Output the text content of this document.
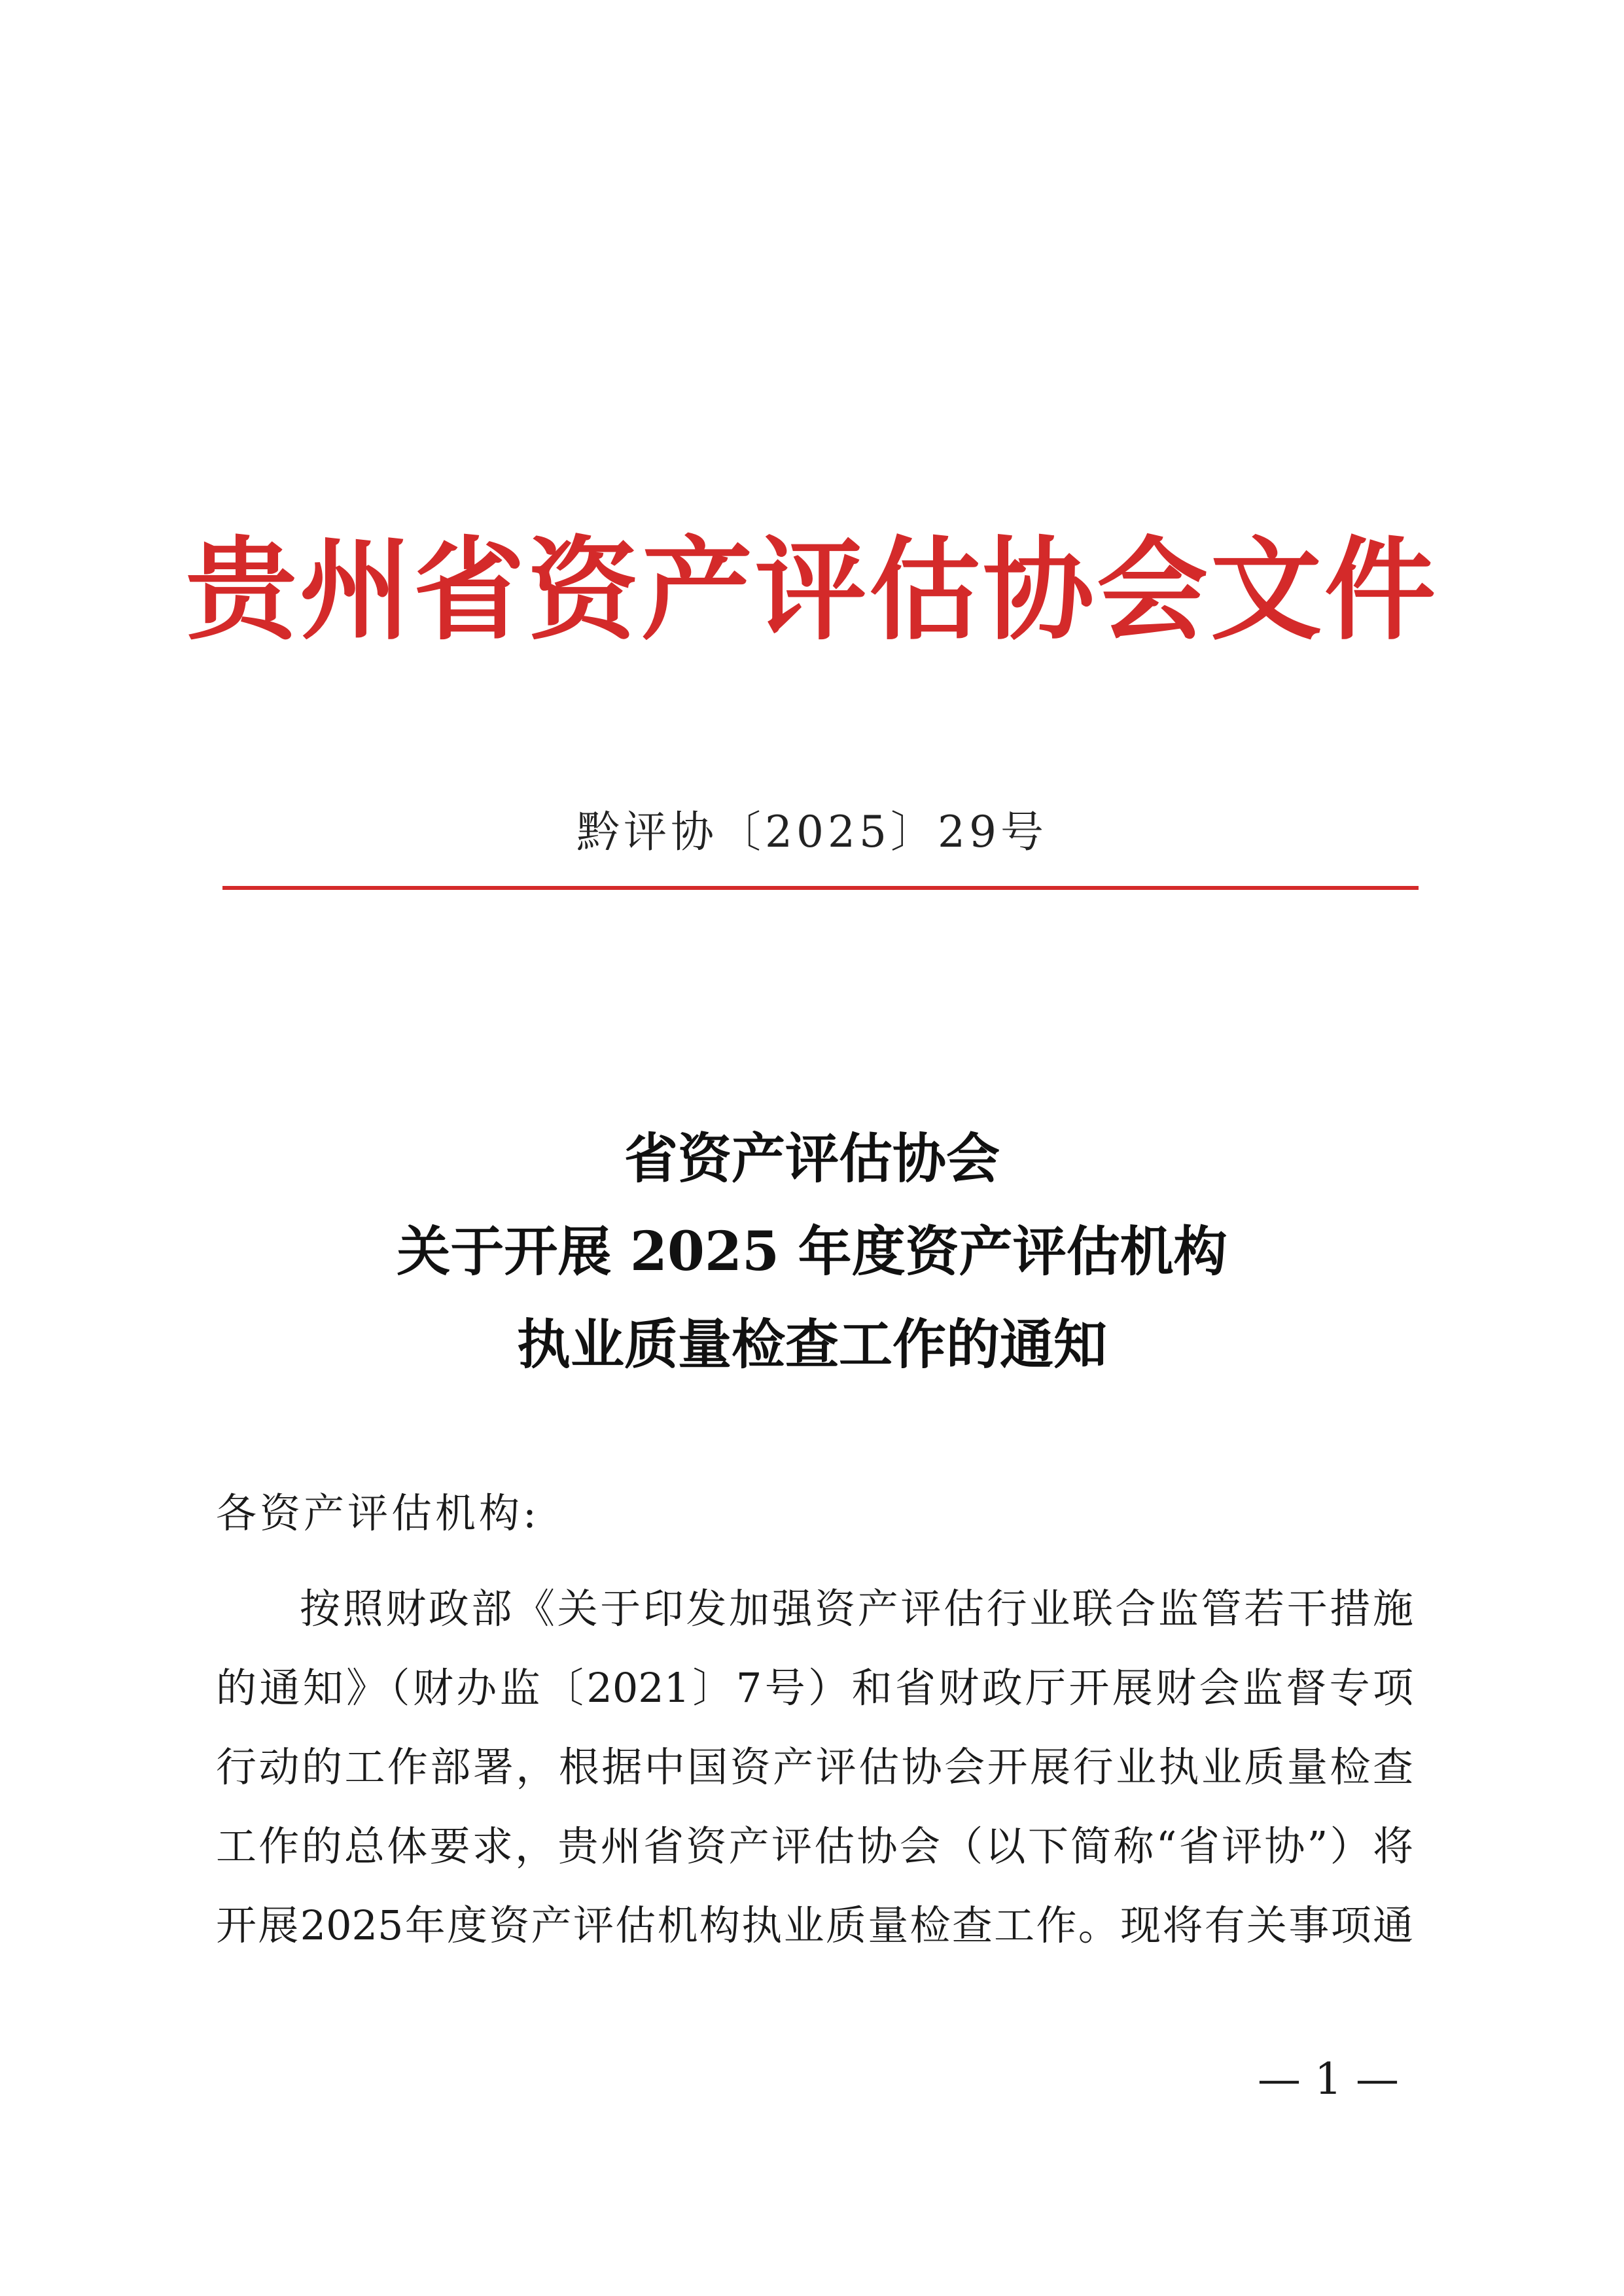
贵州省资产评估协会文件
黔评协〔2025〕29号
省资产评估协会
关于开展 2025 年度资产评估机构
执业质量检查工作的通知
各资产评估机构:
按照财政部《关于印发加强资产评估行业联合监管若干措施
的通知》（财办监〔2021〕7号）和省财政厅开展财会监督专项
行动的工作部署，根据中国资产评估协会开展行业执业质量检查
工作的总体要求，贵州省资产评估协会（以下简称“省评协”）将
开展2025年度资产评估机构执业质量检查工作。现将有关事项通
— 1 —
